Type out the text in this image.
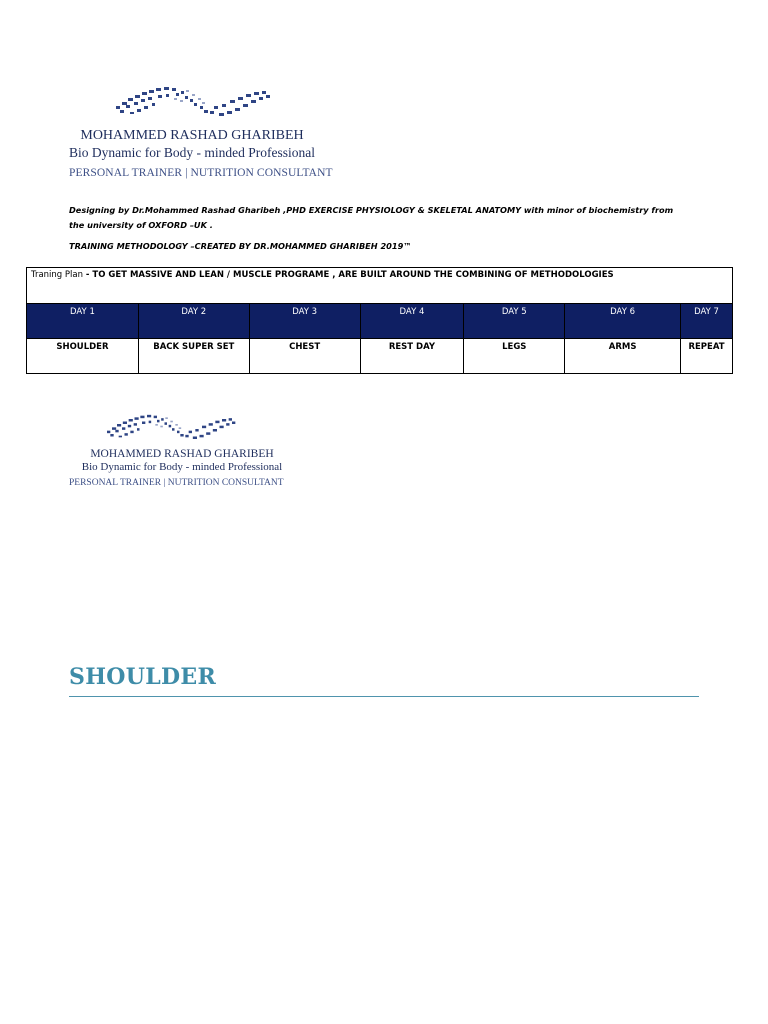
MOHAMMED RASHAD GHARIBEH
Bio Dynamic for Body - minded Professional
PERSONAL TRAINER | NUTRITION CONSULTANT
Designing by Dr.Mohammed Rashad Gharibeh ,PHD EXERCISE PHYSIOLOGY & SKELETAL ANATOMY with minor of biochemistry from the university of OXFORD –UK .
TRAINING METHODOLOGY –CREATED BY DR.MOHAMMED GHARIBEH 2019™
Traning Plan - TO GET MASSIVE AND LEAN / MUSCLE PROGRAME , ARE BUILT AROUND THE COMBINING OF METHODOLOGIES						
DAY 1	DAY 2	DAY 3	DAY 4	DAY 5	DAY 6	DAY 7
SHOULDER	BACK SUPER SET	CHEST	REST DAY	LEGS	ARMS	REPEAT
MOHAMMED RASHAD GHARIBEH
Bio Dynamic for Body - minded Professional
PERSONAL TRAINER | NUTRITION CONSULTANT
SHOULDER
